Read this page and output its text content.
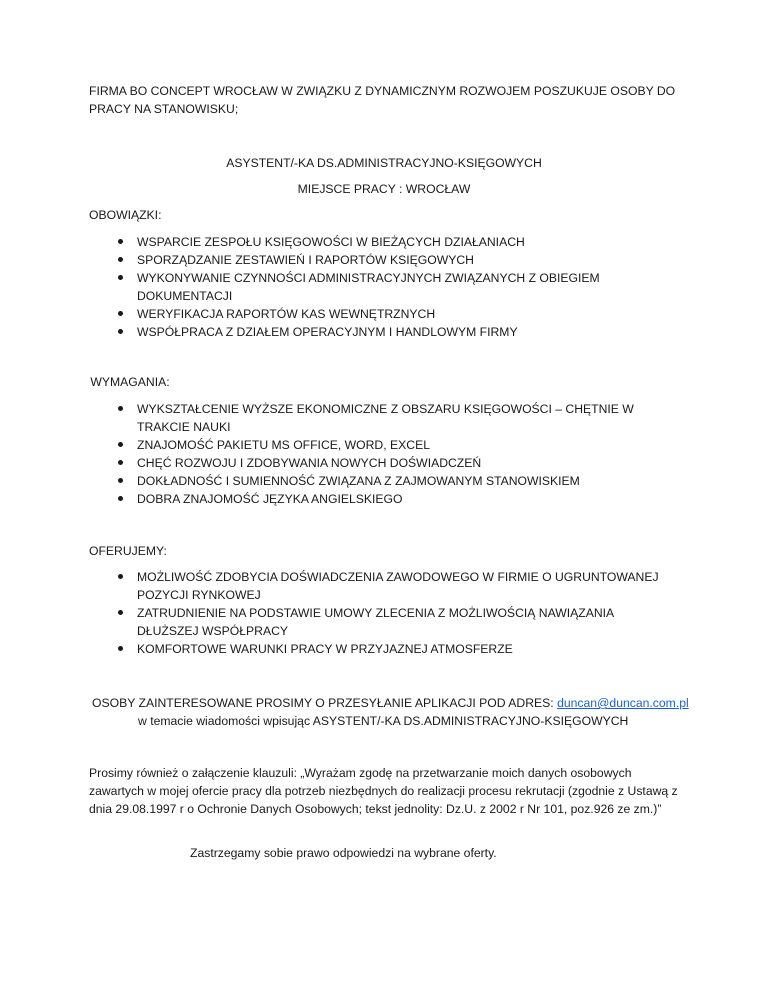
FIRMA BO CONCEPT WROCŁAW W ZWIĄZKU Z DYNAMICZNYM ROZWOJEM POSZUKUJE OSOBY DO PRACY NA STANOWISKU;
ASYSTENT/-KA DS.ADMINISTRACYJNO-KSIĘGOWYCH
MIEJSCE PRACY : WROCŁAW
OBOWIĄZKI:
WSPARCIE ZESPOŁU KSIĘGOWOŚCI W BIEŻĄCYCH DZIAŁANIACH
SPORZĄDZANIE ZESTAWIEŃ I RAPORTÓW KSIĘGOWYCH
WYKONYWANIE CZYNNOŚCI ADMINISTRACYJNYCH ZWIĄZANYCH Z OBIEGIEM DOKUMENTACJI
WERYFIKACJA RAPORTÓW KAS WEWNĘTRZNYCH
WSPÓŁPRACA Z DZIAŁEM OPERACYJNYM I HANDLOWYM FIRMY
WYMAGANIA:
WYKSZTAŁCENIE WYŻSZE EKONOMICZNE Z OBSZARU KSIĘGOWOŚCI – CHĘTNIE W TRAKCIE NAUKI
ZNAJOMOŚĆ PAKIETU MS OFFICE, WORD, EXCEL
CHĘĆ ROZWOJU I ZDOBYWANIA NOWYCH DOŚWIADCZEŃ
DOKŁADNOŚĆ I SUMIENNOŚĆ ZWIĄZANA Z ZAJMOWANYM STANOWISKIEM
DOBRA ZNAJOMOŚĆ JĘZYKA ANGIELSKIEGO
OFERUJEMY:
MOŻLIWOŚĆ ZDOBYCIA DOŚWIADCZENIA ZAWODOWEGO W FIRMIE O UGRUNTOWANEJ POZYCJI RYNKOWEJ
ZATRUDNIENIE NA PODSTAWIE UMOWY ZLECENIA Z MOŻLIWOŚCIĄ NAWIĄZANIA DŁUŻSZEJ WSPÓŁPRACY
KOMFORTOWE WARUNKI PRACY W PRZYJAZNEJ ATMOSFERZE
OSOBY ZAINTERESOWANE PROSIMY O PRZESYŁANIE APLIKACJI POD ADRES: duncan@duncan.com.pl
w temacie wiadomości wpisując ASYSTENT/-KA DS.ADMINISTRACYJNO-KSIĘGOWYCH
Prosimy również o załączenie klauzuli: „Wyrażam zgodę na przetwarzanie moich danych osobowych zawartych w mojej ofercie pracy dla potrzeb niezbędnych do realizacji procesu rekrutacji (zgodnie z Ustawą z dnia 29.08.1997 r o Ochronie Danych Osobowych; tekst jednolity: Dz.U. z 2002 r Nr 101, poz.926 ze zm.)”
Zastrzegamy sobie prawo odpowiedzi na wybrane oferty.
